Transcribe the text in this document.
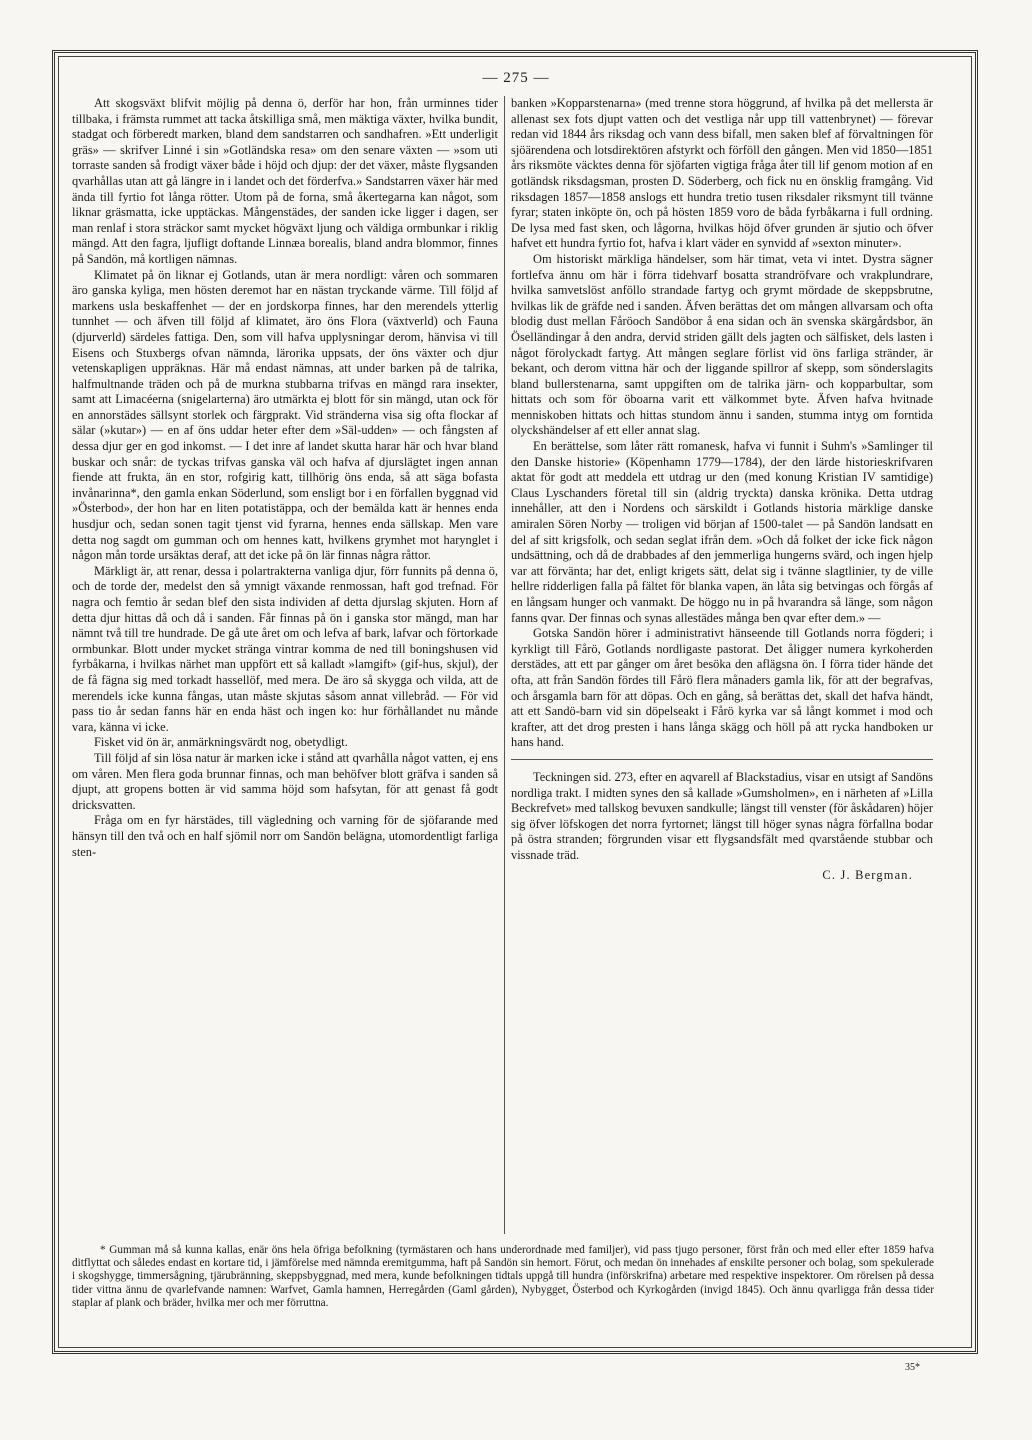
— 275 —

Att skogsväxt blifvit möjlig på denna ö, derför har hon, från urminnes tider tillbaka, i främsta rummet att tacka åtskilliga små, men mäktiga växter, hvilka bundit, stadgat och förberedt marken, bland dem sandstarren och sandhafren. »Ett underligit gräs» — skrifver Linné i sin »Gotländska resa» om den senare växten — »som uti torraste sanden så frodigt växer både i höjd och djup: der det växer, måste flygsanden qvarhållas utan att gå längre in i landet och det förderfva.» Sandstarren växer här med ända till fyrtio fot långa rötter. Utom på de forna, små åkertegarna kan något, som liknar gräsmatta, icke upptäckas. Mångenstädes, der sanden icke ligger i dagen, ser man renlaf i stora sträckor samt mycket högväxt ljung och väldiga ormbunkar i riklig mängd. Att den fagra, ljufligt doftande Linnæa borealis, bland andra blommor, finnes på Sandön, må kortligen nämnas.

Klimatet på ön liknar ej Gotlands, utan är mera nordligt: våren och sommaren äro ganska kyliga, men hösten deremot har en nästan tryckande värme. Till följd af markens usla beskaffenhet — der en jordskorpa finnes, har den merendels ytterlig tunnhet — och äfven till följd af klimatet, äro öns Flora (växtverld) och Fauna (djurverld) särdeles fattiga. Den, som vill hafva upplysningar derom, hänvisa vi till Eisens och Stuxbergs ofvan nämnda, lärorika uppsats, der öns växter och djur vetenskapligen uppräknas. Här må endast nämnas, att under barken på de talrika, halfmultnande träden och på de murkna stubbarna trifvas en mängd rara insekter, samt att Limacéerna (snigelarterna) äro utmärkta ej blott för sin mängd, utan ock för en annorstädes sällsynt storlek och färgprakt. Vid stränderna visa sig ofta flockar af sälar (»kutar») — en af öns uddar heter efter dem »Säl-udden» — och fångsten af dessa djur ger en god inkomst. — I det inre af landet skutta harar här och hvar bland buskar och snår: de tyckas trifvas ganska väl och hafva af djurslägtet ingen annan fiende att frukta, än en stor, rofgirig katt, tillhörig öns enda, så att säga bofasta invånarinna*, den gamla enkan Söderlund, som ensligt bor i en förfallen byggnad vid »Österbod», der hon har en liten potatistäppa, och der bemälda katt är hennes enda husdjur och, sedan sonen tagit tjenst vid fyrarna, hennes enda sällskap. Men vare detta nog sagdt om gumman och om hennes katt, hvilkens grymhet mot harynglet i någon mån torde ursäktas deraf, att det icke på ön lär finnas några råttor.

Märkligt är, att renar, dessa i polartrakterna vanliga djur, förr funnits på denna ö, och de torde der, medelst den så ymnigt växande renmossan, haft god trefnad. För nagra och femtio år sedan blef den sista individen af detta djurslag skjuten. Horn af detta djur hittas då och då i sanden. Får finnas på ön i ganska stor mängd, man har nämnt två till tre hundrade. De gå ute året om och lefva af bark, lafvar och förtorkade ormbunkar. Blott under mycket stränga vintrar komma de ned till boningshusen vid fyrbåkarna, i hvilkas närhet man uppfört ett så kalladt »lamgift» (gif-hus, skjul), der de få fägna sig med torkadt hassellöf, med mera. De äro så skygga och vilda, att de merendels icke kunna fångas, utan måste skjutas såsom annat villebråd. — För vid pass tio år sedan fanns här en enda häst och ingen ko: hur förhållandet nu månde vara, känna vi icke.

Fisket vid ön är, anmärkningsvärdt nog, obetydligt.

Till följd af sin lösa natur är marken icke i stånd att qvarhålla något vatten, ej ens om våren. Men flera goda brunnar finnas, och man behöfver blott gräfva i sanden så djupt, att gropens botten är vid samma höjd som hafsytan, för att genast få godt dricksvatten.

Fråga om en fyr härstädes, till vägledning och varning för de sjöfarande med hänsyn till den två och en half sjömil norr om Sandön belägna, utomordentligt farliga sten-

banken »Kopparstenarna» (med trenne stora höggrund, af hvilka på det mellersta är allenast sex fots djupt vatten och det vestliga når upp till vattenbrynet) — förevar redan vid 1844 års riksdag och vann dess bifall, men saken blef af förvaltningen för sjöärendena och lotsdirektören afstyrkt och förföll den gången. Men vid 1850—1851 års riksmöte väcktes denna för sjöfarten vigtiga fråga åter till lif genom motion af en gotländsk riksdagsman, prosten D. Söderberg, och fick nu en önsklig framgång. Vid riksdagen 1857—1858 anslogs ett hundra tretio tusen riksdaler riksmynt till tvänne fyrar; staten inköpte ön, och på hösten 1859 voro de båda fyrbåkarna i full ordning. De lysa med fast sken, och lågorna, hvilkas höjd öfver grunden är sjutio och öfver hafvet ett hundra fyrtio fot, hafva i klart väder en synvidd af »sexton minuter».

Om historiskt märkliga händelser, som här timat, veta vi intet. Dystra sägner fortlefva ännu om här i förra tidehvarf bosatta strandröfvare och vrakplundrare, hvilka samvetslöst anföllo strandade fartyg och grymt mördade de skeppsbrutne, hvilkas lik de gräfde ned i sanden. Äfven berättas det om mången allvarsam och ofta blodig dust mellan Fåröoch Sandöbor å ena sidan och än svenska skärgårdsbor, än Öselländingar å den andra, dervid striden gällt dels jagten och sälfisket, dels lasten i något förolyckadt fartyg. Att mången seglare förlist vid öns farliga stränder, är bekant, och derom vittna här och der liggande spillror af skepp, som sönderslagits bland bullerstenarna, samt uppgiften om de talrika järn- och kopparbultar, som hittats och som för öboarna varit ett välkommet byte. Äfven hafva hvitnade menniskoben hittats och hittas stundom ännu i sanden, stumma intyg om forntida olyckshändelser af ett eller annat slag.

En berättelse, som låter rätt romanesk, hafva vi funnit i Suhm's »Samlinger til den Danske historie» (Köpenhamn 1779—1784), der den lärde historieskrifvaren aktat för godt att meddela ett utdrag ur den (med konung Kristian IV samtidige) Claus Lyschanders företal till sin (aldrig tryckta) danska krönika. Detta utdrag innehåller, att den i Nordens och särskildt i Gotlands historia märklige danske amiralen Sören Norby — troligen vid början af 1500-talet — på Sandön landsatt en del af sitt krigsfolk, och sedan seglat ifrån dem. »Och då folket der icke fick någon undsättning, och då de drabbades af den jemmerliga hungerns svärd, och ingen hjelp var att förvänta; har det, enligt krigets sätt, delat sig i tvänne slagtlinier, ty de ville hellre ridderligen falla på fältet för blanka vapen, än låta sig betvingas och förgås af en långsam hunger och vanmakt. De höggo nu in på hvarandra så länge, som någon fanns qvar. Der finnas och synas allestädes många ben qvar efter dem.» —

Gotska Sandön hörer i administrativt hänseende till Gotlands norra fögderi; i kyrkligt till Fårö, Gotlands nordligaste pastorat. Det åligger numera kyrkoherden derstädes, att ett par gånger om året besöka den aflägsna ön. I förra tider hände det ofta, att från Sandön fördes till Fårö flera månaders gamla lik, för att der begrafvas, och årsgamla barn för att döpas. Och en gång, så berättas det, skall det hafva händt, att ett Sandö-barn vid sin döpelseakt i Fårö kyrka var så långt kommet i mod och krafter, att det drog presten i hans långa skägg och höll på att rycka handboken ur hans hand.

Teckningen sid. 273, efter en aqvarell af Blackstadius, visar en utsigt af Sandöns nordliga trakt. I midten synes den så kallade »Gumsholmen», en i närheten af »Lilla Beckrefvet» med tallskog bevuxen sandkulle; längst till venster (för åskådaren) höjer sig öfver löfskogen det norra fyrtornet; längst till höger synas några förfallna bodar på östra stranden; förgrunden visar ett flygsandsfält med qvarstående stubbar och vissnade träd.

C. J. Bergman.

* Gumman må så kunna kallas, enär öns hela öfriga befolkning (tyrmästaren och hans underordnade med familjer), vid pass tjugo personer, först från och med eller efter 1859 hafva ditflyttat och således endast en kortare tid, i jämförelse med nämnda eremitgumma, haft på Sandön sin hemort. Förut, och medan ön innehades af enskilte personer och bolag, som spekulerade i skogshygge, timmersågning, tjärubränning, skeppsbyggnad, med mera, kunde befolkningen tidtals uppgå till hundra (införskrifna) arbetare med respektive inspektorer. Om rörelsen på dessa tider vittna ännu de qvarlefvande namnen: Warfvet, Gamla hamnen, Herregården (Gaml gården), Nybygget, Österbod och Kyrkogården (invigd 1845). Och ännu qvarligga från dessa tider staplar af plank och bräder, hvilka mer och mer förruttna.

35*
